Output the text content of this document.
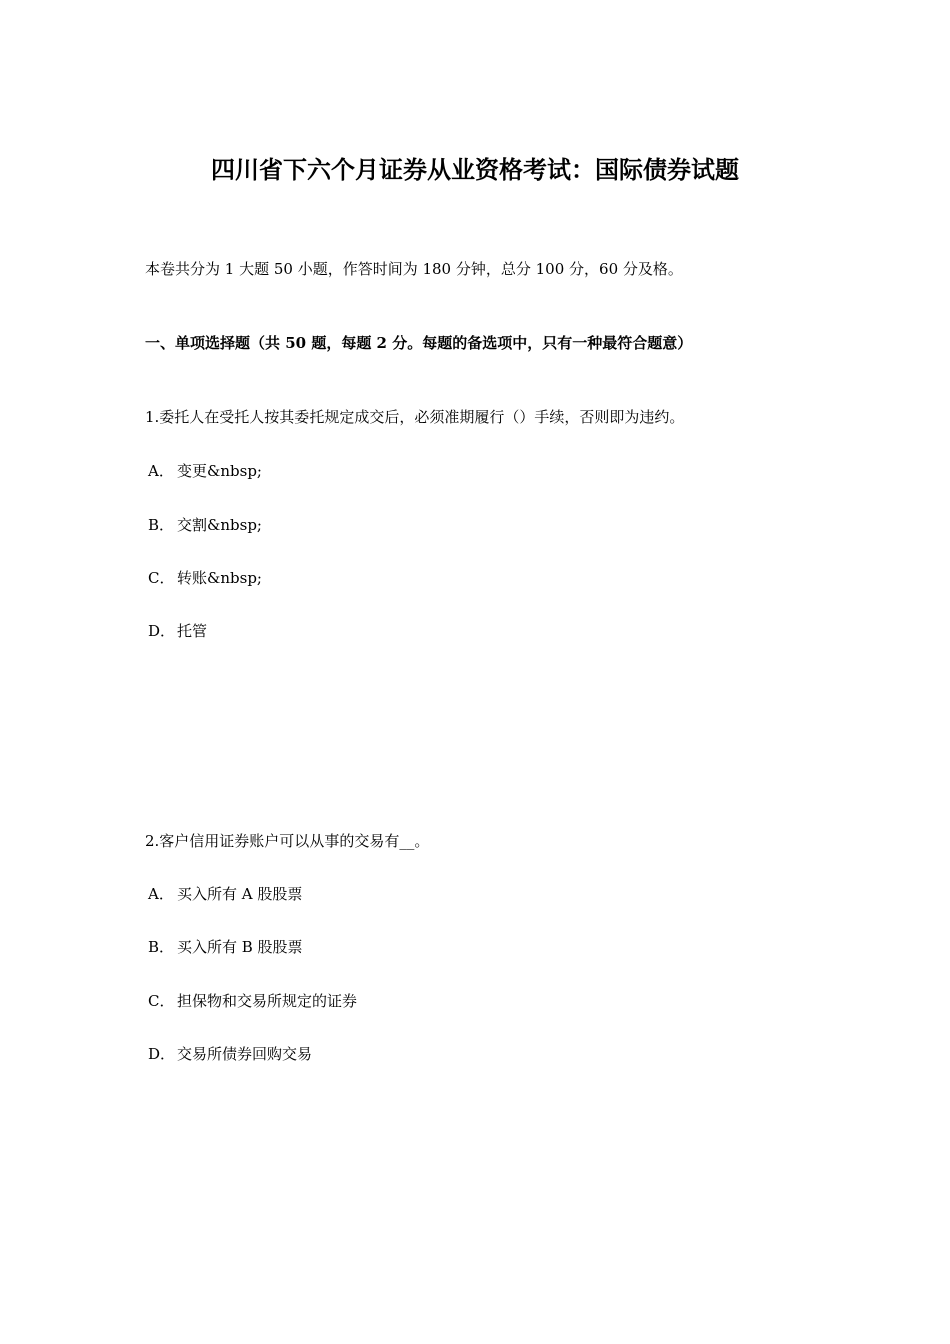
四川省下六个月证券从业资格考试：国际债券试题

本卷共分为 1 大题 50 小题，作答时间为 180 分钟，总分 100 分，60 分及格。

一、单项选择题（共 50 题，每题 2 分。每题的备选项中，只有一种最符合题意）

1.委托人在受托人按其委托规定成交后，必须准期履行（）手续，否则即为违约。

A． 变更&nbsp;

B． 交割&nbsp;

C． 转账&nbsp;

D． 托管

2.客户信用证券账户可以从事的交易有__。

A． 买入所有 A 股股票

B． 买入所有 B 股股票

C． 担保物和交易所规定的证券

D． 交易所债券回购交易
